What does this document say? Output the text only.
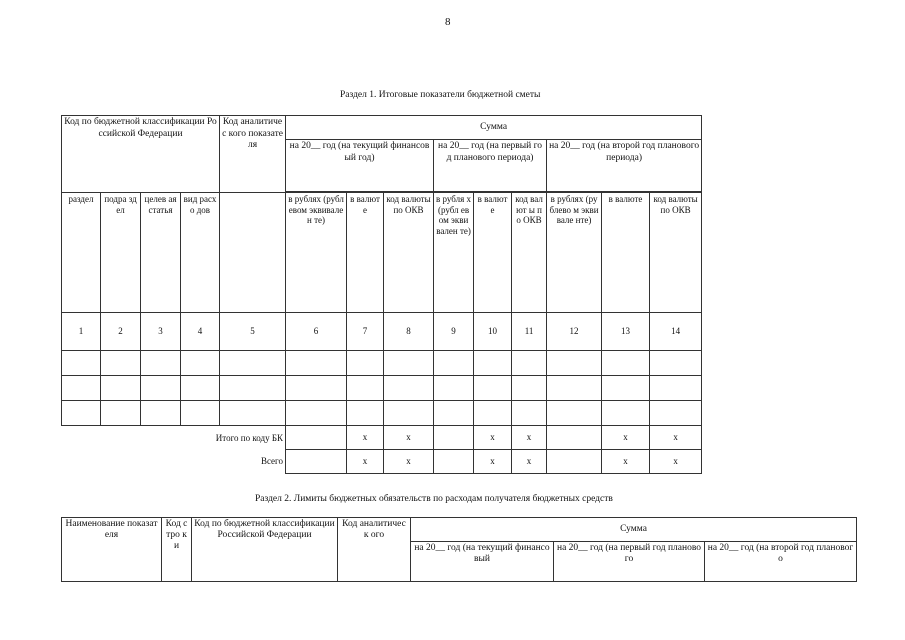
8
Раздел 1. Итоговые показатели бюджетной сметы
Код по бюджетной классификации Российской Федерации				Код аналитичес кого показателя	Сумма								
					на 20__ год (на текущий финансовый год)			на 20__ год (на первый год планового периода)			на 20__ год (на второй год планового периода)		

раздел	подра здел	целев ая статья	вид расхо дов		в рублях (рублевом эквивален те)	в валют е	код валюты по ОКВ	в рубля х (рубл евом экви вален те)	в валют е	код валют ы по ОКВ	в рублях (рублево м эквивале нте)	в валюте	код валюты по ОКВ
1	2	3	4	5	6	7	8	9	10	11	12	13	14

Итого по коду БК						x	x		x	x		x	x
Всего						x	x		x	x		x	x
Раздел 2. Лимиты бюджетных обязательств по расходам получателя бюджетных средств
Наименование показателя	Код стро ки	Код по бюджетной классификации Российской Федерации	Код аналитическ ого	Сумма		
				на 20__ год (на текущий финансовый	на 20__ год (на первый год планового	на 20__ год (на второй год планового
